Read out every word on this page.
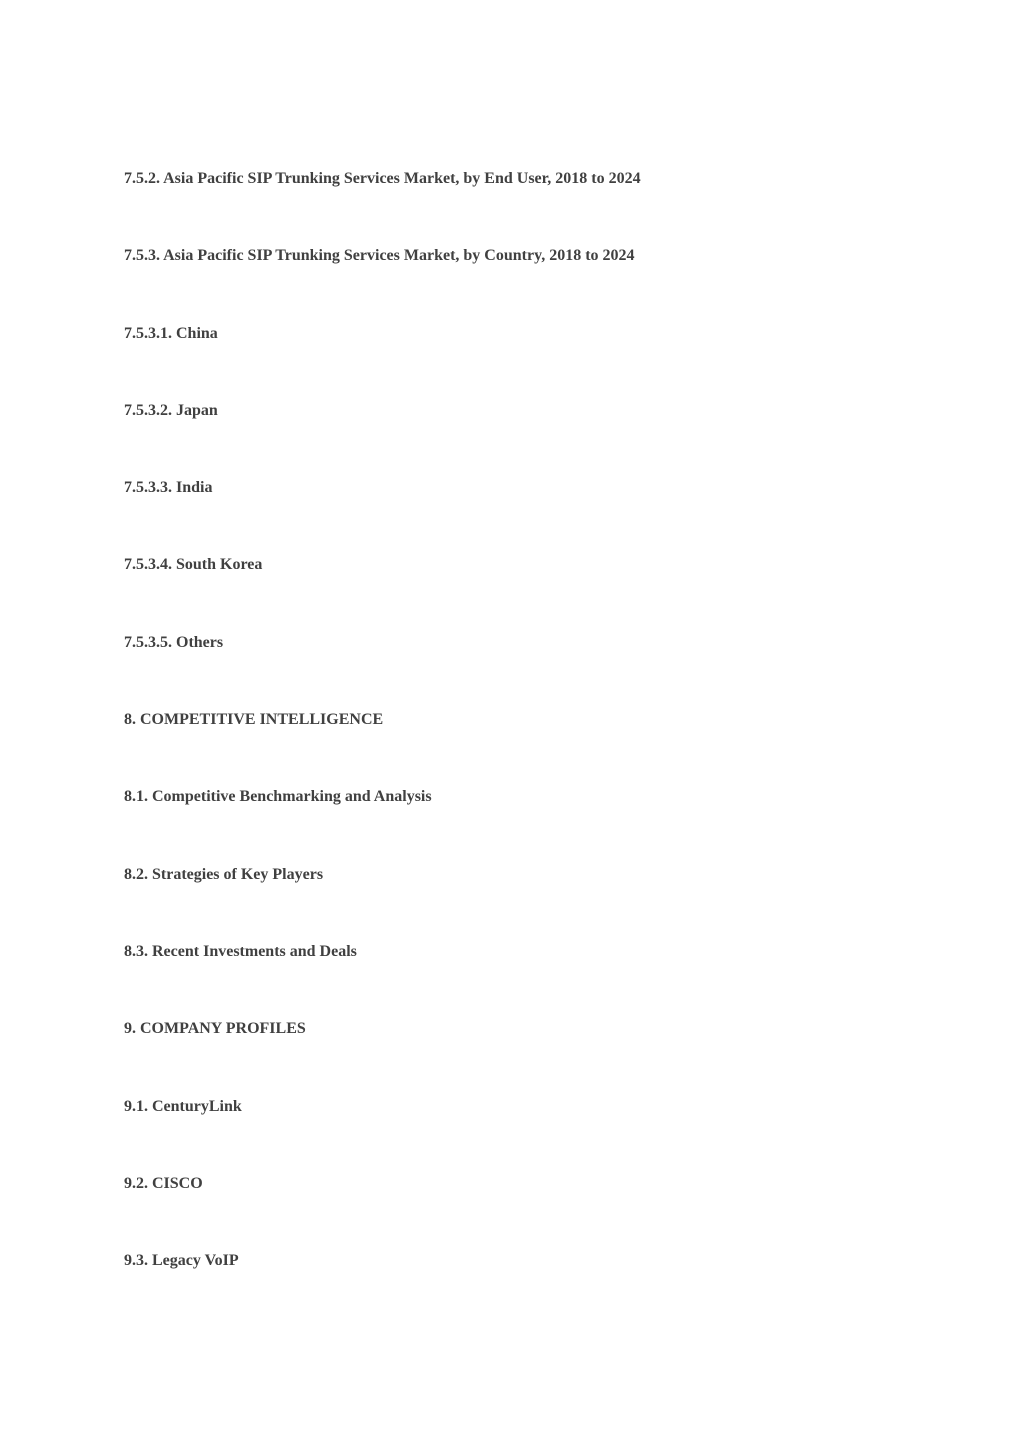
7.5.2. Asia Pacific SIP Trunking Services Market, by End User, 2018 to 2024
7.5.3. Asia Pacific SIP Trunking Services Market, by Country, 2018 to 2024
7.5.3.1. China
7.5.3.2. Japan
7.5.3.3. India
7.5.3.4. South Korea
7.5.3.5. Others
8. COMPETITIVE INTELLIGENCE
8.1. Competitive Benchmarking and Analysis
8.2. Strategies of Key Players
8.3. Recent Investments and Deals
9. COMPANY PROFILES
9.1. CenturyLink
9.2. CISCO
9.3. Legacy VoIP
